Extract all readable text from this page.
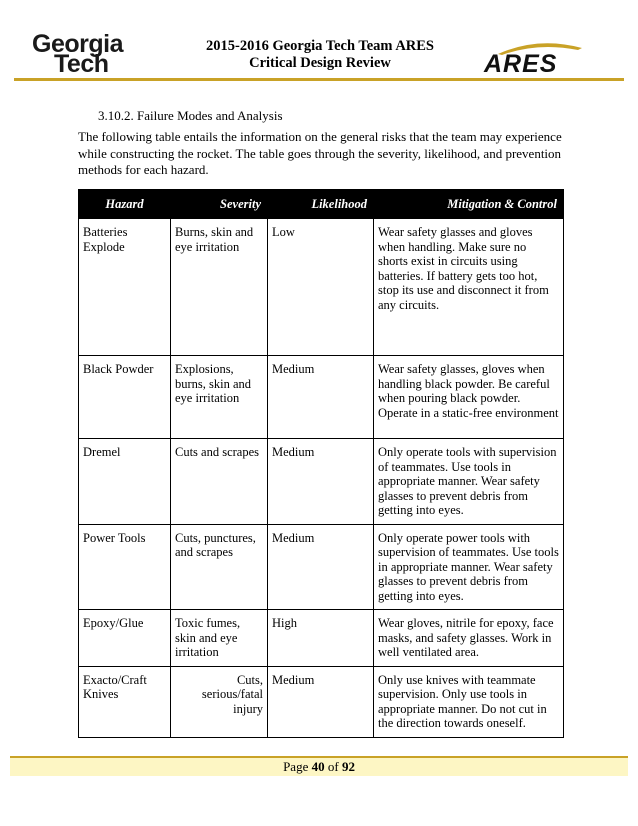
Georgia
Tech
2015-2016 Georgia Tech Team ARES
Critical Design Review	ARES
3.10.2. Failure Modes and Analysis
The following table entails the information on the general risks that the team may experience while constructing the rocket. The table goes through the severity, likelihood, and prevention methods for each hazard.
Hazard	Severity	Likelihood	Mitigation & Control
Batteries Explode	Burns, skin and eye irritation	Low	Wear safety glasses and gloves when handling. Make sure no shorts exist in circuits using batteries. If battery gets too hot, stop its use and disconnect it from any circuits.
Black Powder	Explosions, burns, skin and eye irritation	Medium	Wear safety glasses, gloves when handling black powder. Be careful when pouring black powder. Operate in a static-free environment
Dremel	Cuts and scrapes	Medium	Only operate tools with supervision of teammates. Use tools in appropriate manner. Wear safety glasses to prevent debris from getting into eyes.
Power Tools	Cuts, punctures, and scrapes	Medium	Only operate power tools with supervision of teammates. Use tools in appropriate manner. Wear safety glasses to prevent debris from getting into eyes.
Epoxy/Glue	Toxic fumes, skin and eye irritation	High	Wear gloves, nitrile for epoxy, face masks, and safety glasses. Work in well ventilated area.
Exacto/Craft Knives	Cuts, serious/fatal injury	Medium	Only use knives with teammate supervision. Only use tools in appropriate manner. Do not cut in the direction towards oneself.
Page 40 of 92
